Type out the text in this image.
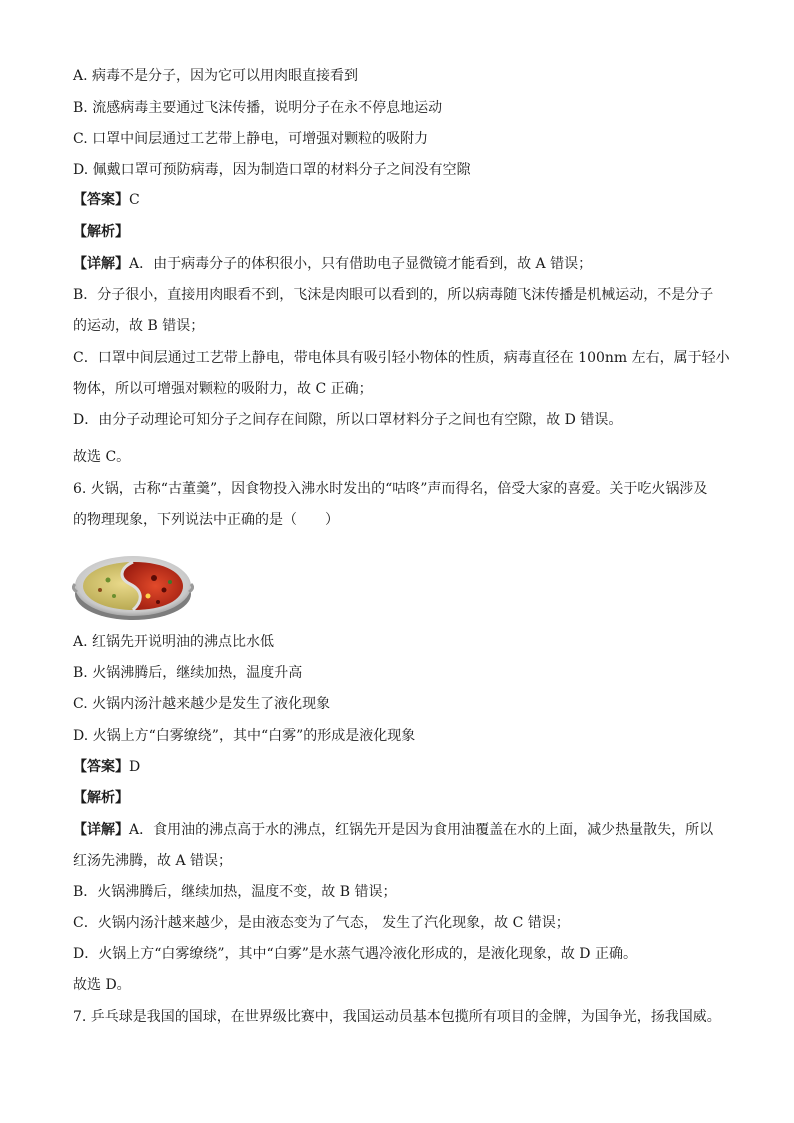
A. 病毒不是分子，因为它可以用肉眼直接看到
B. 流感病毒主要通过飞沫传播，说明分子在永不停息地运动
C. 口罩中间层通过工艺带上静电，可增强对颗粒的吸附力
D. 佩戴口罩可预防病毒，因为制造口罩的材料分子之间没有空隙
【答案】C
【解析】
【详解】A．由于病毒分子的体积很小，只有借助电子显微镜才能看到，故 A 错误；
B．分子很小，直接用肉眼看不到，飞沫是肉眼可以看到的，所以病毒随飞沫传播是机械运动，不是分子
的运动，故 B 错误；
C．口罩中间层通过工艺带上静电，带电体具有吸引轻小物体的性质，病毒直径在 100nm 左右，属于轻小
物体，所以可增强对颗粒的吸附力，故 C 正确；
D．由分子动理论可知分子之间存在间隙，所以口罩材料分子之间也有空隙，故 D 错误。
故选 C。
6. 火锅，古称“古董羹”，因食物投入沸水时发出的“咕咚”声而得名，倍受大家的喜爱。关于吃火锅涉及
的物理现象，下列说法中正确的是（　　）
A. 红锅先开说明油的沸点比水低
B. 火锅沸腾后，继续加热，温度升高
C. 火锅内汤汁越来越少是发生了液化现象
D. 火锅上方“白雾缭绕”，其中“白雾”的形成是液化现象
【答案】D
【解析】
【详解】A．食用油的沸点高于水的沸点，红锅先开是因为食用油覆盖在水的上面，减少热量散失，所以
红汤先沸腾，故 A 错误；
B．火锅沸腾后，继续加热，温度不变，故 B 错误；
C．火锅内汤汁越来越少，是由液态变为了气态， 发生了汽化现象，故 C 错误；
D．火锅上方“白雾缭绕”，其中“白雾”是水蒸气遇冷液化形成的，是液化现象，故 D 正确。
故选 D。
7. 乒乓球是我国的国球，在世界级比赛中，我国运动员基本包揽所有项目的金牌，为国争光，扬我国威。
